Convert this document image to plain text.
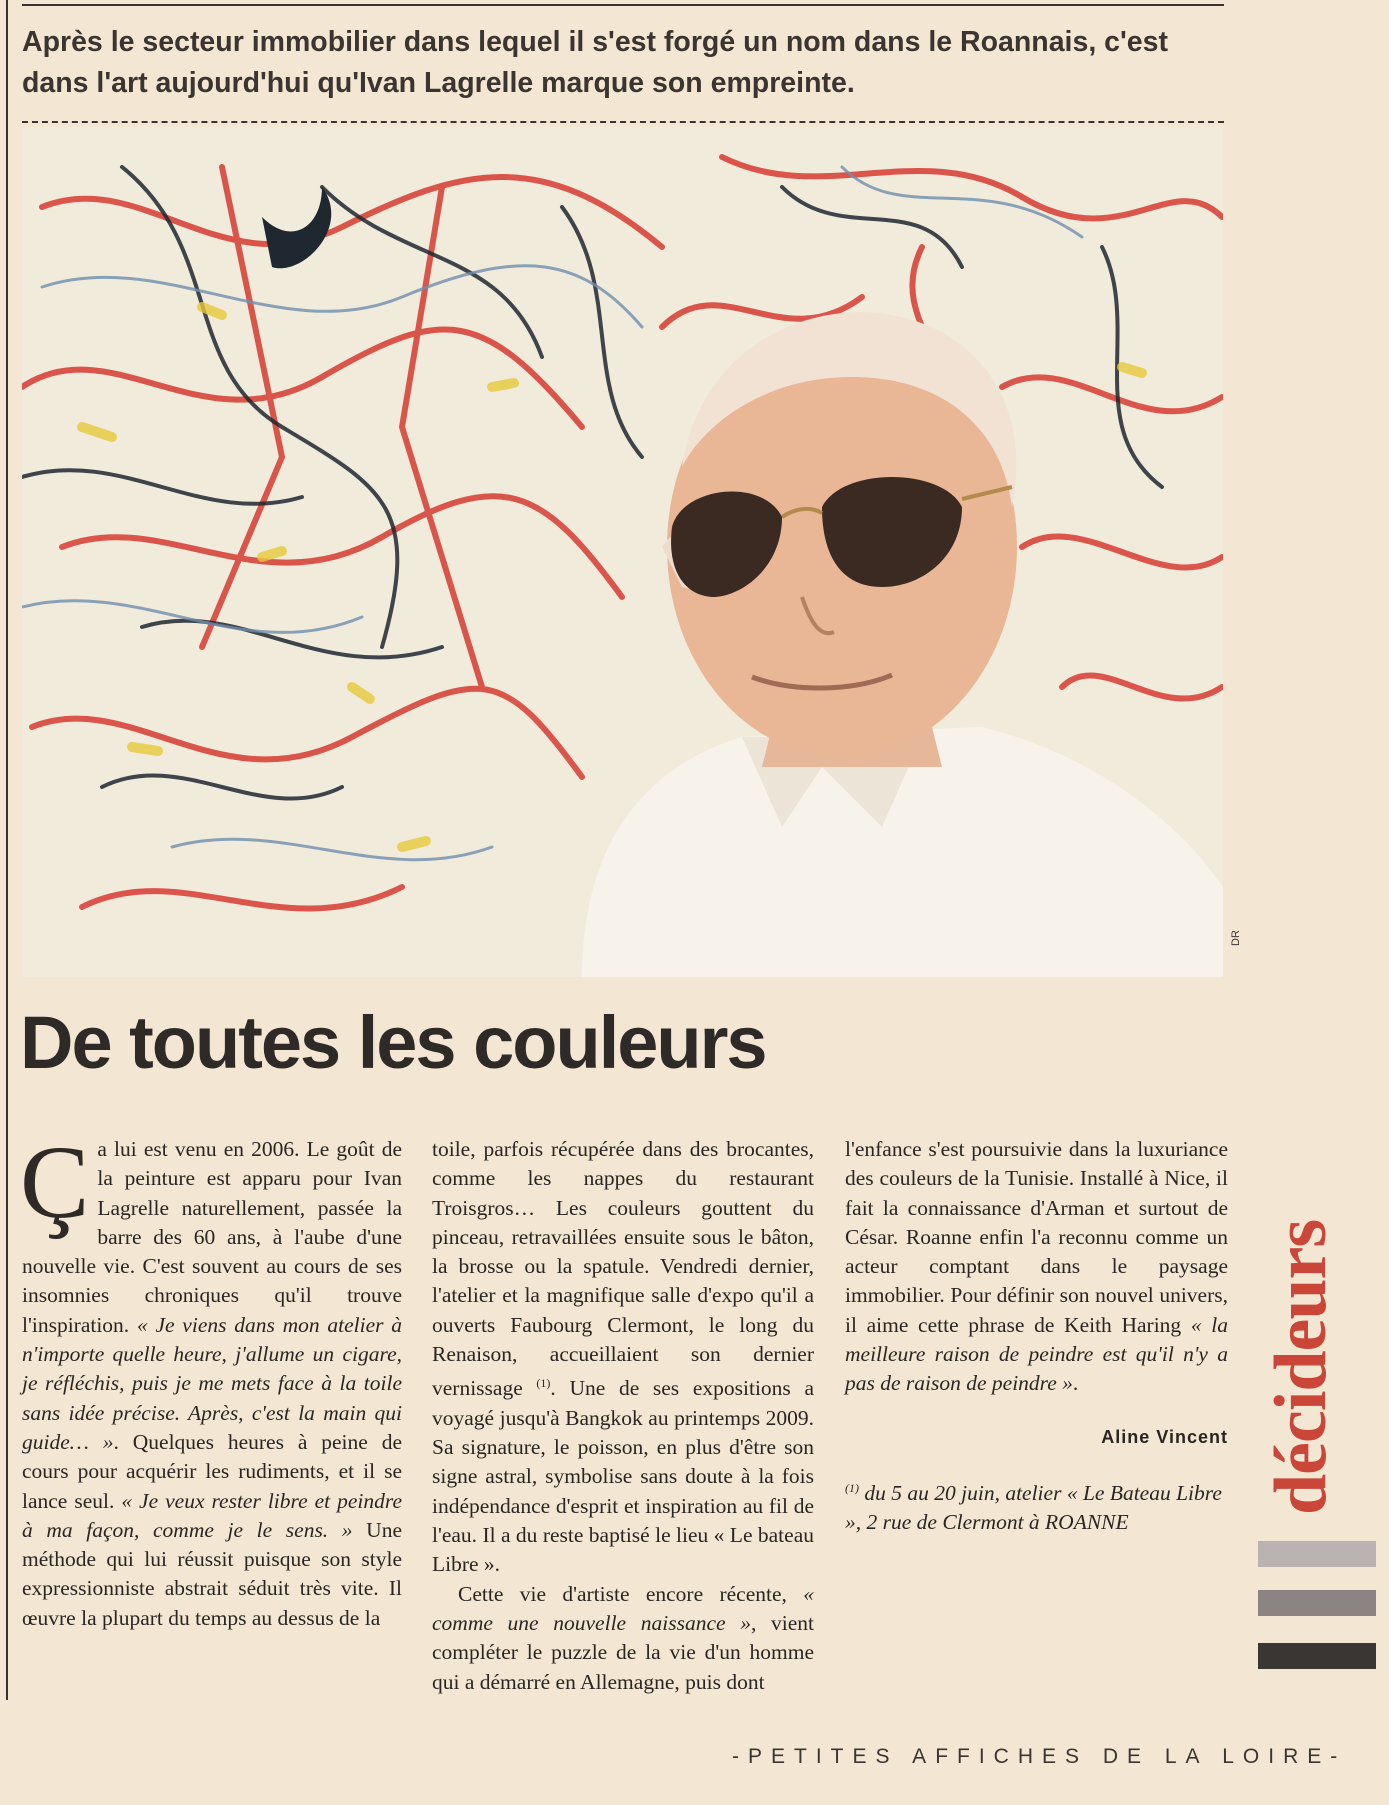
Après le secteur immobilier dans lequel il s'est forgé un nom dans le Roannais, c'est dans l'art aujourd'hui qu'Ivan Lagrelle marque son empreinte.

DR
De toutes les couleurs

Ça lui est venu en 2006. Le goût de la peinture est apparu pour Ivan Lagrelle naturellement, passée la barre des 60 ans, à l'aube d'une nouvelle vie. C'est souvent au cours de ses insomnies chroniques qu'il trouve l'inspiration. « Je viens dans mon atelier à n'importe quelle heure, j'allume un cigare, je réfléchis, puis je me mets face à la toile sans idée précise. Après, c'est la main qui guide… ». Quelques heures à peine de cours pour acquérir les rudiments, et il se lance seul. « Je veux rester libre et peindre à ma façon, comme je le sens. » Une méthode qui lui réussit puisque son style expressionniste abstrait séduit très vite. Il œuvre la plupart du temps au dessus de la

toile, parfois récupérée dans des brocantes, comme les nappes du restaurant Troisgros… Les couleurs gouttent du pinceau, retravaillées ensuite sous le bâton, la brosse ou la spatule. Vendredi dernier, l'atelier et la magnifique salle d'expo qu'il a ouverts Faubourg Clermont, le long du Renaison, accueillaient son dernier vernissage $^{(1)}$. Une de ses expositions a voyagé jusqu'à Bangkok au printemps 2009. Sa signature, le poisson, en plus d'être son signe astral, symbolise sans doute à la fois indépendance d'esprit et inspiration au fil de l'eau. Il a du reste baptisé le lieu « Le bateau Libre ».

Cette vie d'artiste encore récente, « comme une nouvelle naissance », vient compléter le puzzle de la vie d'un homme qui a démarré en Allemagne, puis dont

l'enfance s'est poursuivie dans la luxuriance des couleurs de la Tunisie. Installé à Nice, il fait la connaissance d'Arman et surtout de César. Roanne enfin l'a reconnu comme un acteur comptant dans le paysage immobilier. Pour définir son nouvel univers, il aime cette phrase de Keith Haring « la meilleure raison de peindre est qu'il n'y a pas de raison de peindre ».

Aline Vincent

$^{(1)}$ du 5 au 20 juin, atelier « Le Bateau Libre », 2 rue de Clermont à ROANNE

décideurs
-PETITES AFFICHES DE LA LOIRE-
